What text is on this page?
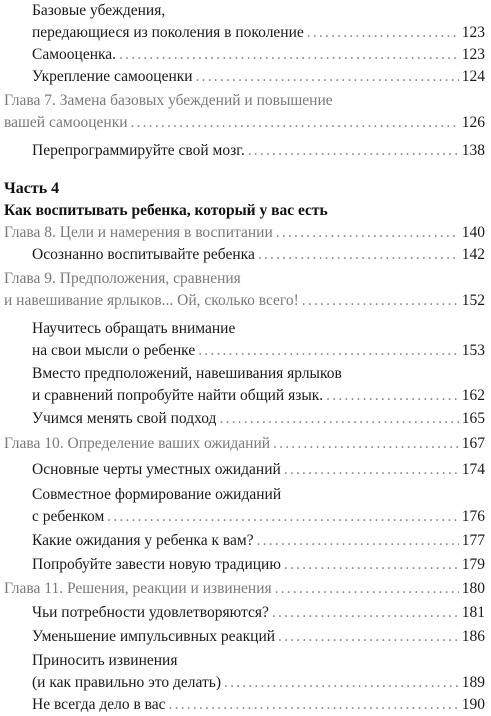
Базовые убеждения,
передающиеся из поколения в поколение .....	123
Самооценка. .....	123
Укрепление самооценки .....	124
Глава 7. Замена базовых убеждений и повышение
вашей самооценки .....	126
Перепрограммируйте свой мозг. .....	138
Часть 4
Как воспитывать ребенка, который у вас есть
Глава 8. Цели и намерения в воспитании .....	140
Осознанно воспитывайте ребенка .....	142
Глава 9. Предположения, сравнения
и навешивание ярлыков... Ой, сколько всего! .....	152
Научитесь обращать внимание
на свои мысли о ребенке .....	153
Вместо предположений, навешивания ярлыков
и сравнений попробуйте найти общий язык. .....	162
Учимся менять свой подход .....	165
Глава 10. Определение ваших ожиданий .....	167
Основные черты уместных ожиданий .....	174
Совместное формирование ожиданий
с ребенком .....	176
Какие ожидания у ребенка к вам? .....	177
Попробуйте завести новую традицию .....	179
Глава 11. Решения, реакции и извинения .....	180
Чьи потребности удовлетворяются? .....	181
Уменьшение импульсивных реакций .....	186
Приносить извинения
(и как правильно это делать) .....	189
Не всегда дело в вас .....	190
